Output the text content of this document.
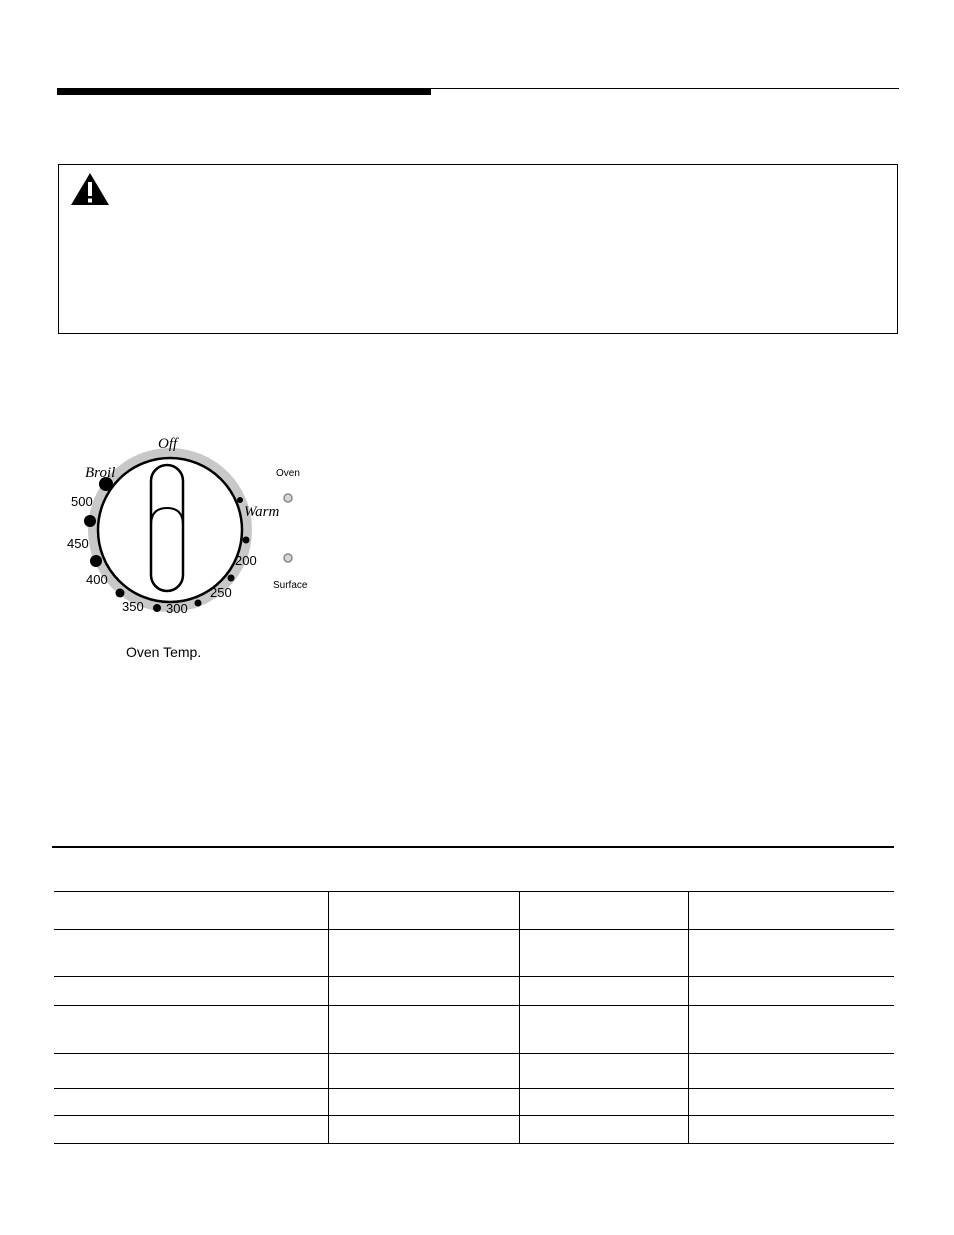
Off
Broil
Warm
500
450
400
350 300
250
200
Oven
Surface
Oven Temp.
